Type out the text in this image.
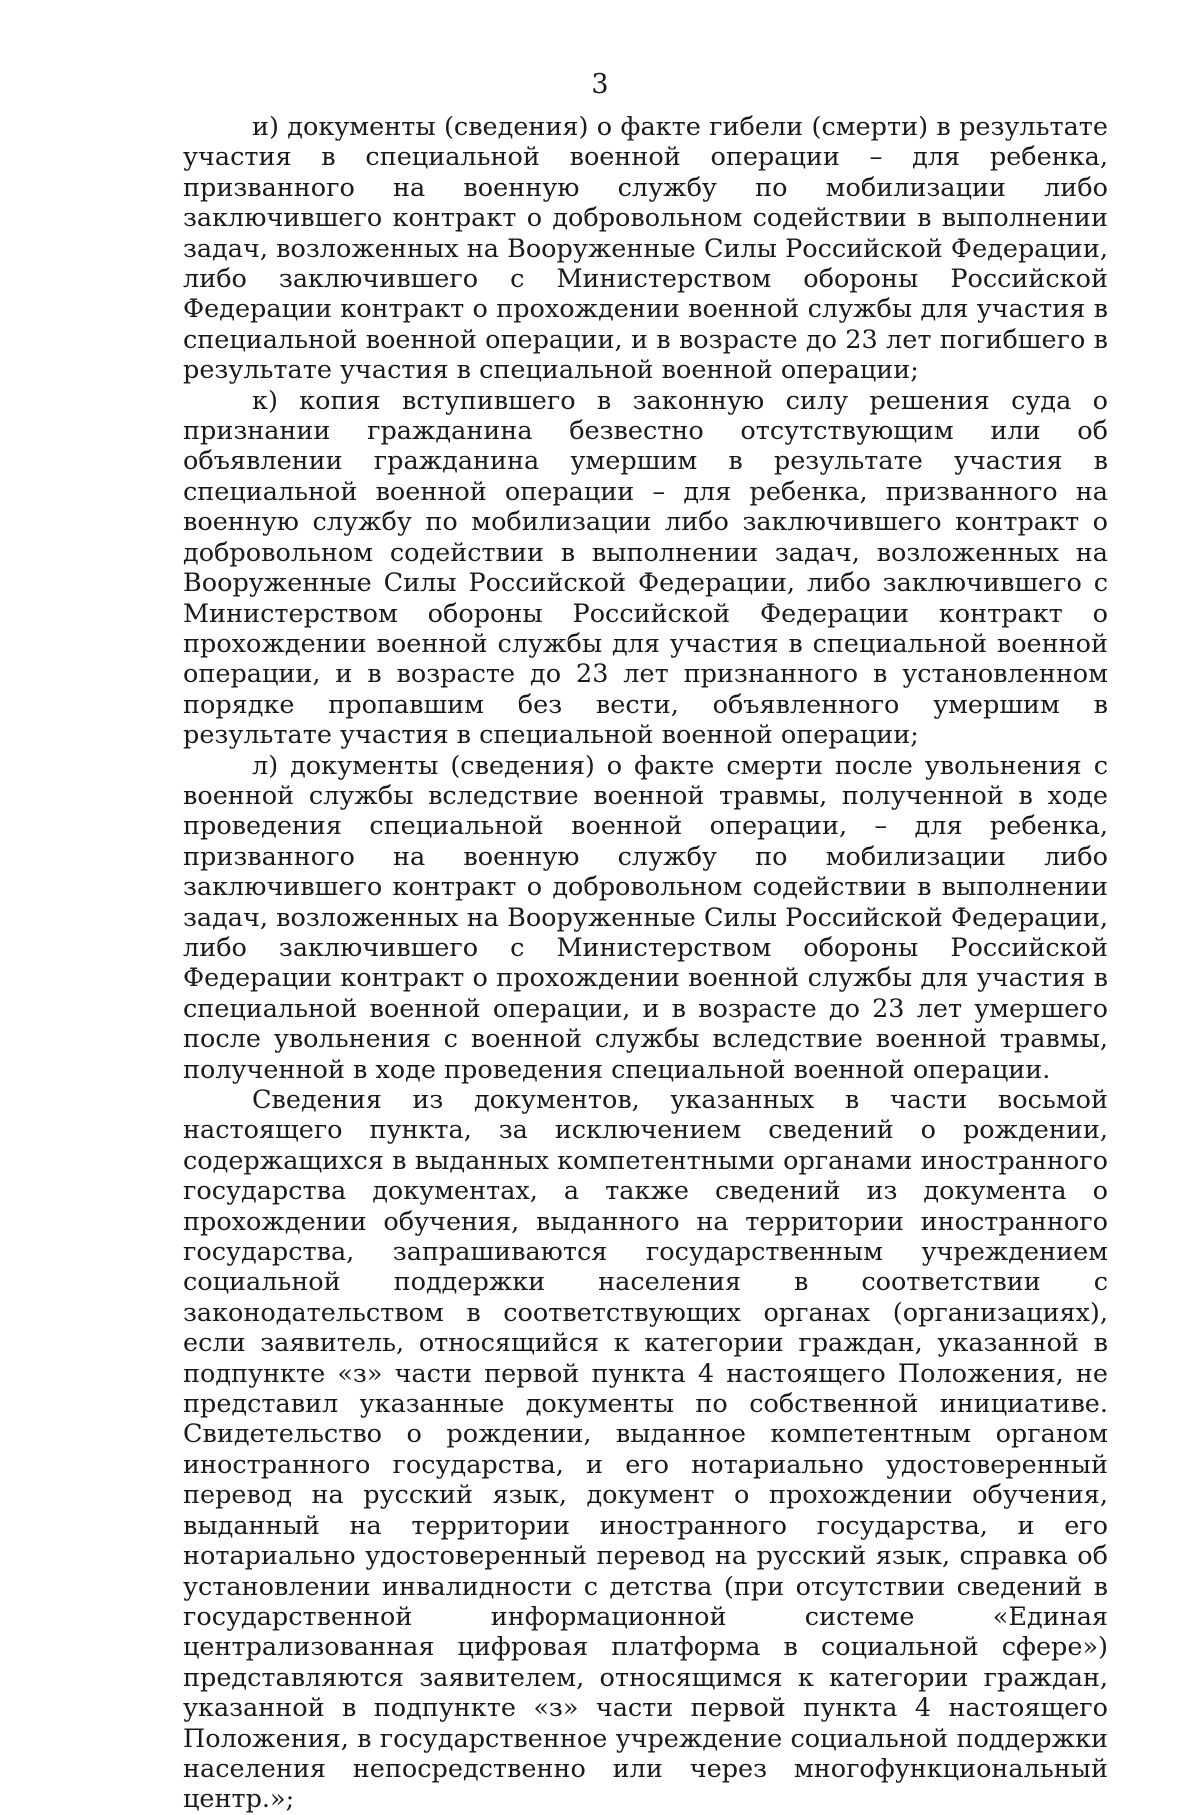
3

и) документы (сведения) о факте гибели (смерти) в результате участия в специальной военной операции – для ребенка, призванного на военную службу по мобилизации либо заключившего контракт о добровольном содействии в выполнении задач, возложенных на Вооруженные Силы Российской Федерации, либо заключившего с Министерством обороны Российской Федерации контракт о прохождении военной службы для участия в специальной военной операции, и в возрасте до 23 лет погибшего в результате участия в специальной военной операции;

к) копия вступившего в законную силу решения суда о признании гражданина безвестно отсутствующим или об объявлении гражданина умершим в результате участия в специальной военной операции – для ребенка, призванного на военную службу по мобилизации либо заключившего контракт о добровольном содействии в выполнении задач, возложенных на Вооруженные Силы Российской Федерации, либо заключившего с Министерством обороны Российской Федерации контракт о прохождении военной службы для участия в специальной военной операции, и в возрасте до 23 лет признанного в установленном порядке пропавшим без вести, объявленного умершим в результате участия в специальной военной операции;

л) документы (сведения) о факте смерти после увольнения с военной службы вследствие военной травмы, полученной в ходе проведения специальной военной операции, – для ребенка, призванного на военную службу по мобилизации либо заключившего контракт о добровольном содействии в выполнении задач, возложенных на Вооруженные Силы Российской Федерации, либо заключившего с Министерством обороны Российской Федерации контракт о прохождении военной службы для участия в специальной военной операции, и в возрасте до 23 лет умершего после увольнения с военной службы вследствие военной травмы, полученной в ходе проведения специальной военной операции.

Сведения из документов, указанных в части восьмой настоящего пункта, за исключением сведений о рождении, содержащихся в выданных компетентными органами иностранного государства документах, а также сведений из документа о прохождении обучения, выданного на территории иностранного государства, запрашиваются государственным учреждением социальной поддержки населения в соответствии с законодательством в соответствующих органах (организациях), если заявитель, относящийся к категории граждан, указанной в подпункте «з» части первой пункта 4 настоящего Положения, не представил указанные документы по собственной инициативе. Свидетельство о рождении, выданное компетентным органом иностранного государства, и его нотариально удостоверенный перевод на русский язык, документ о прохождении обучения, выданный на территории иностранного государства, и его нотариально удостоверенный перевод на русский язык, справка об установлении инвалидности с детства (при отсутствии сведений в государственной информационной системе «Единая централизованная цифровая платформа в социальной сфере») представляются заявителем, относящимся к категории граждан, указанной в подпункте «з» части первой пункта 4 настоящего Положения, в государственное учреждение социальной поддержки населения непосредственно или через многофункциональный центр.»;
